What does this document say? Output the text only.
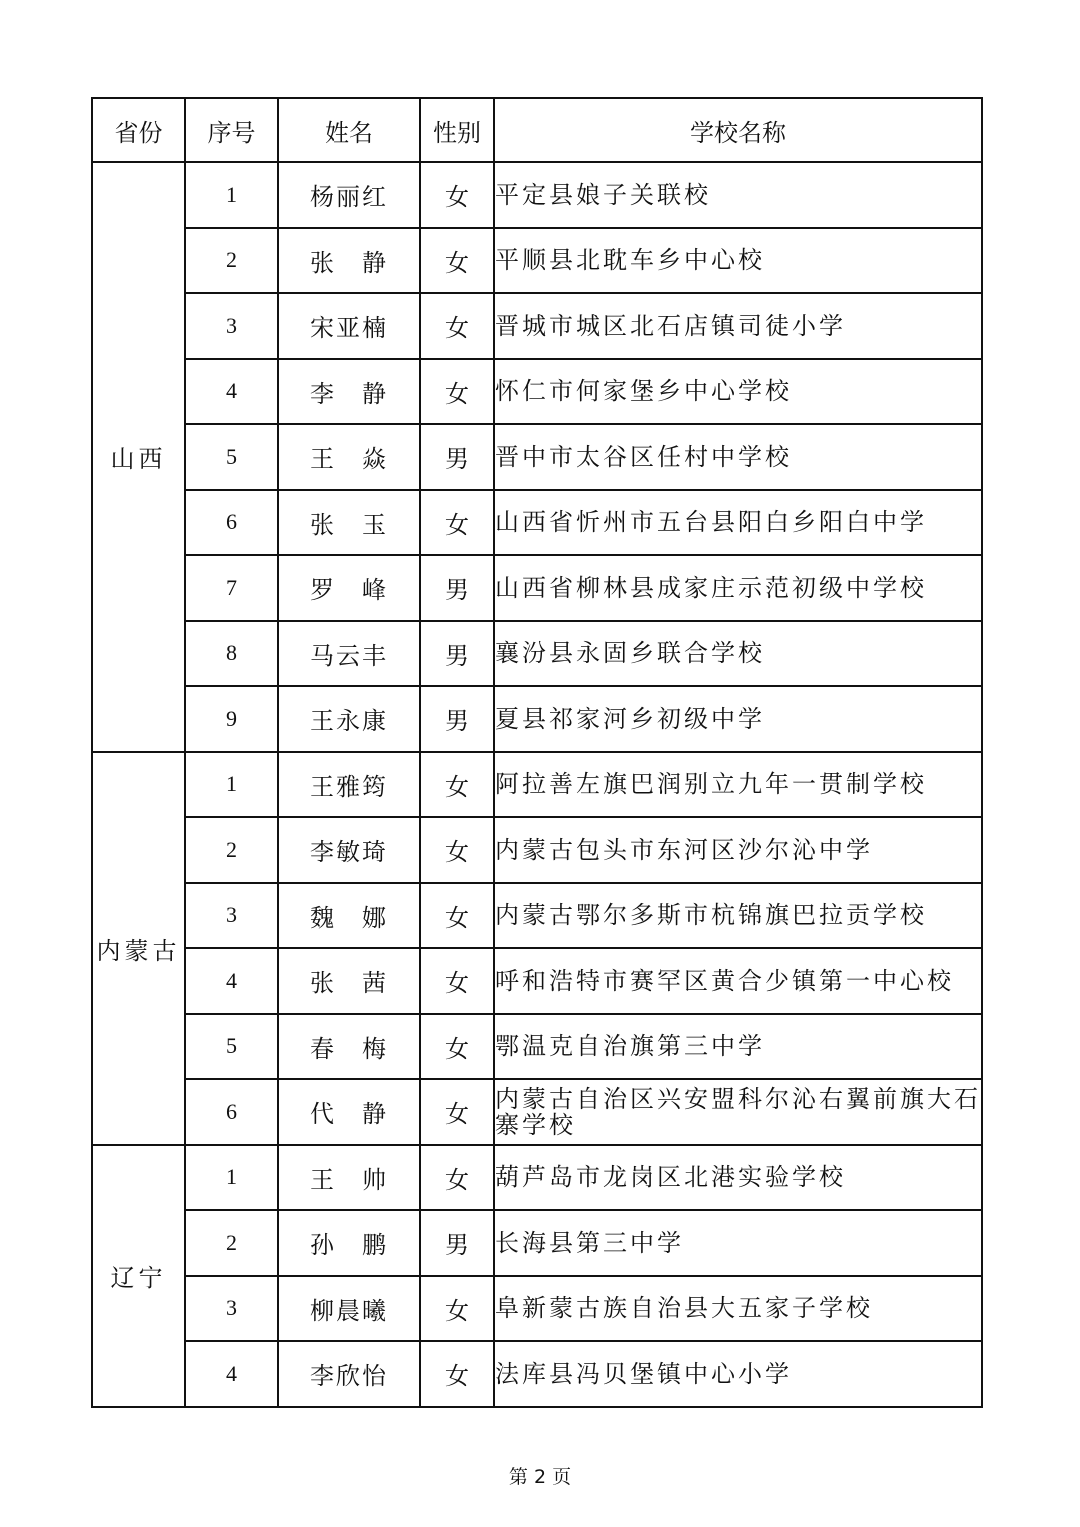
省份	序号	姓名	性别	学校名称
山西	1	杨丽红	女	平定县娘子关联校
	2	张　静	女	平顺县北耽车乡中心校
	3	宋亚楠	女	晋城市城区北石店镇司徒小学
	4	李　静	女	怀仁市何家堡乡中心学校
	5	王　焱	男	晋中市太谷区任村中学校
	6	张　玉	女	山西省忻州市五台县阳白乡阳白中学
	7	罗　峰	男	山西省柳林县成家庄示范初级中学校
	8	马云丰	男	襄汾县永固乡联合学校
	9	王永康	男	夏县祁家河乡初级中学
内蒙古	1	王雅筠	女	阿拉善左旗巴润别立九年一贯制学校
	2	李敏琦	女	内蒙古包头市东河区沙尔沁中学
	3	魏　娜	女	内蒙古鄂尔多斯市杭锦旗巴拉贡学校
	4	张　茜	女	呼和浩特市赛罕区黄合少镇第一中心校
	5	春　梅	女	鄂温克自治旗第三中学
	6	代　静	女	内蒙古自治区兴安盟科尔沁右翼前旗大石寨学校
辽宁	1	王　帅	女	葫芦岛市龙岗区北港实验学校
	2	孙　鹏	男	长海县第三中学
	3	柳晨曦	女	阜新蒙古族自治县大五家子学校
	4	李欣怡	女	法库县冯贝堡镇中心小学
第 2 页
